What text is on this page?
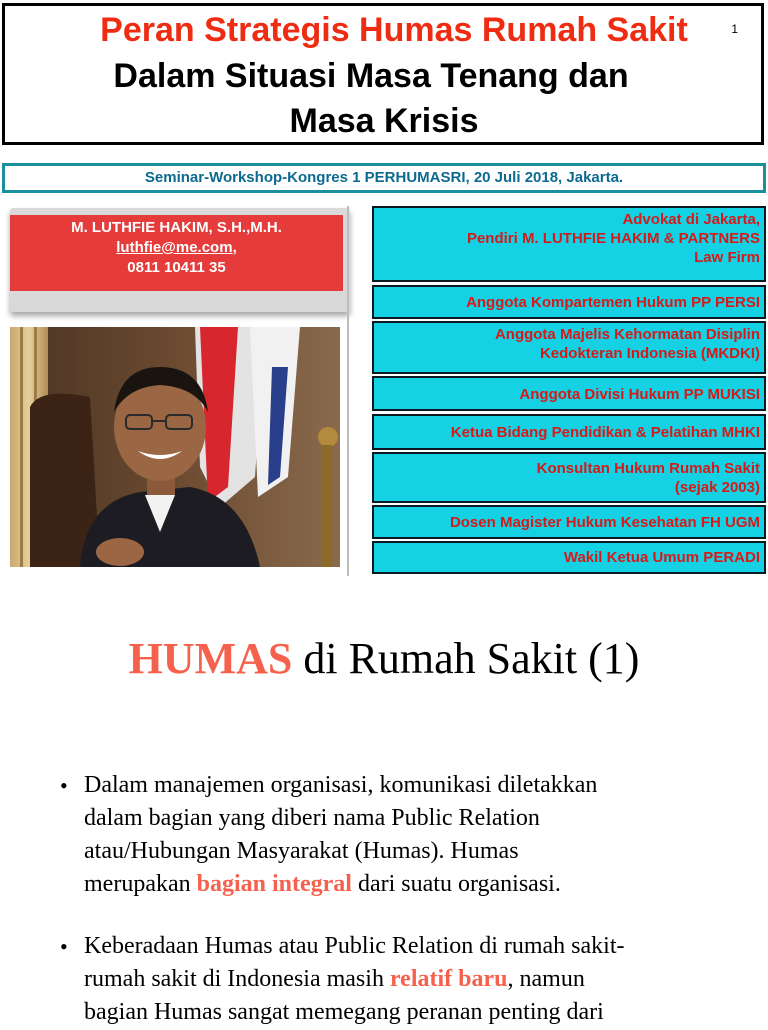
Peran Strategis Humas Rumah Sakit
Dalam Situasi Masa Tenang dan
Masa Krisis
1
Seminar-Workshop-Kongres 1 PERHUMASRI, 20 Juli 2018, Jakarta.
M. LUTHFIE HAKIM, S.H.,M.H.
luthfie@me.com,
0811 10411 35
Advokat di Jakarta,
Pendiri M. LUTHFIE HAKIM & PARTNERS
Law Firm
Anggota Kompartemen Hukum PP PERSI
Anggota Majelis Kehormatan Disiplin
Kedokteran Indonesia (MKDKI)
Anggota Divisi Hukum PP MUKISI
Ketua Bidang Pendidikan & Pelatihan MHKI
Konsultan Hukum Rumah Sakit
(sejak 2003)
Dosen Magister Hukum Kesehatan FH UGM
Wakil Ketua Umum PERADI
HUMAS di Rumah Sakit (1)
• Dalam manajemen organisasi, komunikasi diletakkan
dalam bagian yang diberi nama Public Relation
atau/Hubungan Masyarakat (Humas). Humas
merupakan bagian integral dari suatu organisasi.
• Keberadaan Humas atau Public Relation di rumah sakit-
rumah sakit di Indonesia masih relatif baru, namun
bagian Humas sangat memegang peranan penting dari
